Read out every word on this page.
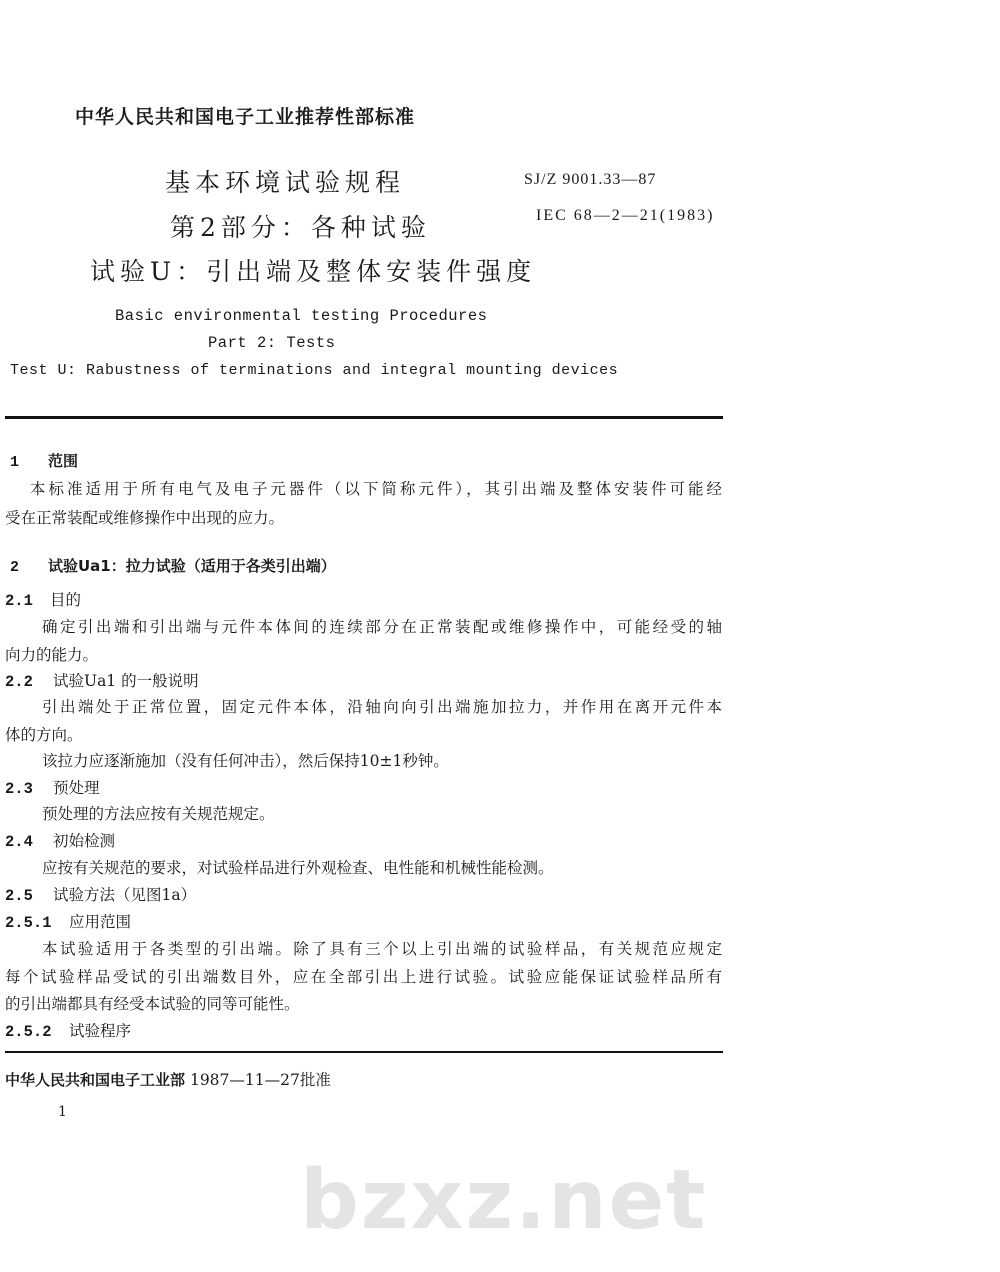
中华人民共和国电子工业推荐性部标准
基本环境试验规程	SJ/Z 9001.33—87
第2部分：各种试验	IEC 68—2—21(1983)
试验U：引出端及整体安装件强度
Basic environmental testing Procedures
Part 2: Tests
Test U: Rabustness of terminations and integral mounting devices
1 范围
本标准适用于所有电气及电子元器件（以下简称元件），其引出端及整体安装件可能经
受在正常装配或维修操作中出现的应力。
2 试验Ua1：拉力试验（适用于各类引出端）
2.1 目的
确定引出端和引出端与元件本体间的连续部分在正常装配或维修操作中，可能经受的轴
向力的能力。
2.2 试验Ua1 的一般说明
引出端处于正常位置，固定元件本体，沿轴向向引出端施加拉力，并作用在离开元件本
体的方向。
该拉力应逐渐施加（没有任何冲击），然后保持10±1秒钟。
2.3 预处理
预处理的方法应按有关规范规定。
2.4 初始检测
应按有关规范的要求，对试验样品进行外观检查、电性能和机械性能检测。
2.5 试验方法（见图1a）
2.5.1 应用范围
本试验适用于各类型的引出端。除了具有三个以上引出端的试验样品，有关规范应规定
每个试验样品受试的引出端数目外，应在全部引出上进行试验。试验应能保证试验样品所有
的引出端都具有经受本试验的同等可能性。
2.5.2 试验程序
中华人民共和国电子工业部 1987—11—27批准
1
bzxz.net
